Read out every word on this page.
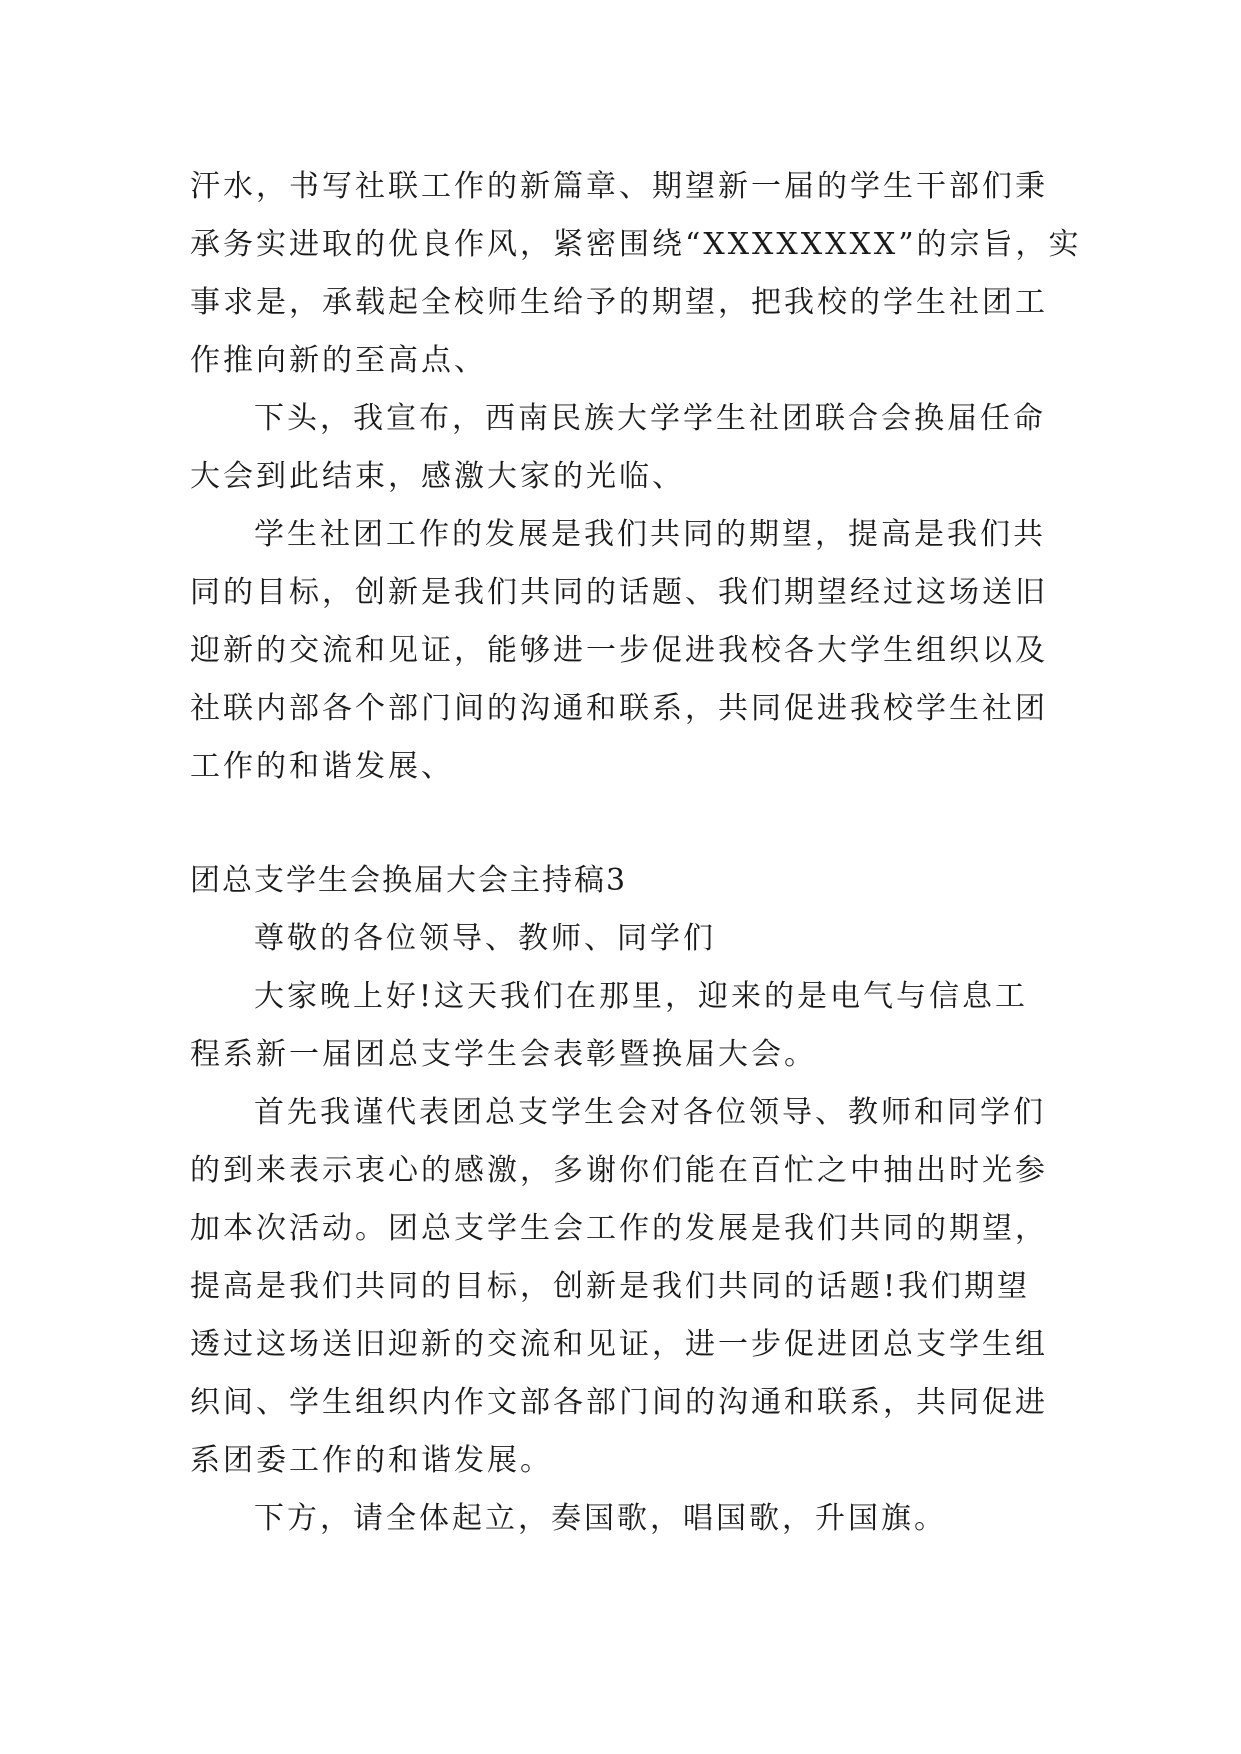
汗水，书写社联工作的新篇章、期望新一届的学生干部们秉
承务实进取的优良作风，紧密围绕“XXXXXXXX”的宗旨，实
事求是，承载起全校师生给予的期望，把我校的学生社团工
作推向新的至高点、
下头，我宣布，西南民族大学学生社团联合会换届任命
大会到此结束，感激大家的光临、
学生社团工作的发展是我们共同的期望，提高是我们共
同的目标，创新是我们共同的话题、我们期望经过这场送旧
迎新的交流和见证，能够进一步促进我校各大学生组织以及
社联内部各个部门间的沟通和联系，共同促进我校学生社团
工作的和谐发展、
团总支学生会换届大会主持稿3
尊敬的各位领导、教师、同学们
大家晚上好!这天我们在那里，迎来的是电气与信息工
程系新一届团总支学生会表彰暨换届大会。
首先我谨代表团总支学生会对各位领导、教师和同学们
的到来表示衷心的感激，多谢你们能在百忙之中抽出时光参
加本次活动。团总支学生会工作的发展是我们共同的期望，
提高是我们共同的目标，创新是我们共同的话题!我们期望
透过这场送旧迎新的交流和见证，进一步促进团总支学生组
织间、学生组织内作文部各部门间的沟通和联系，共同促进
系团委工作的和谐发展。
下方，请全体起立，奏国歌，唱国歌，升国旗。
